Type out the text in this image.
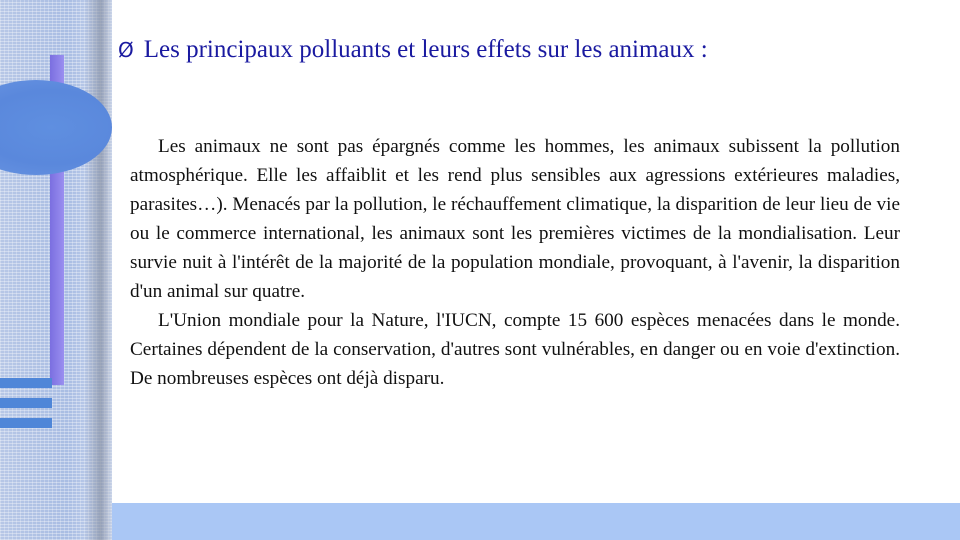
Ø Les principaux polluants et leurs effets sur les animaux :

Les animaux ne sont pas épargnés comme les hommes, les animaux subissent la pollution atmosphérique. Elle les affaiblit et les rend plus sensibles aux agressions extérieures maladies, parasites…). Menacés par la pollution, le réchauffement climatique, la disparition de leur lieu de vie ou le commerce international, les animaux sont les premières victimes de la mondialisation. Leur survie nuit à l'intérêt de la majorité de la population mondiale, provoquant, à l'avenir, la disparition d'un animal sur quatre.

L'Union mondiale pour la Nature, l'IUCN, compte 15 600 espèces menacées dans le monde. Certaines dépendent de la conservation, d'autres sont vulnérables, en danger ou en voie d'extinction. De nombreuses espèces ont déjà disparu.
